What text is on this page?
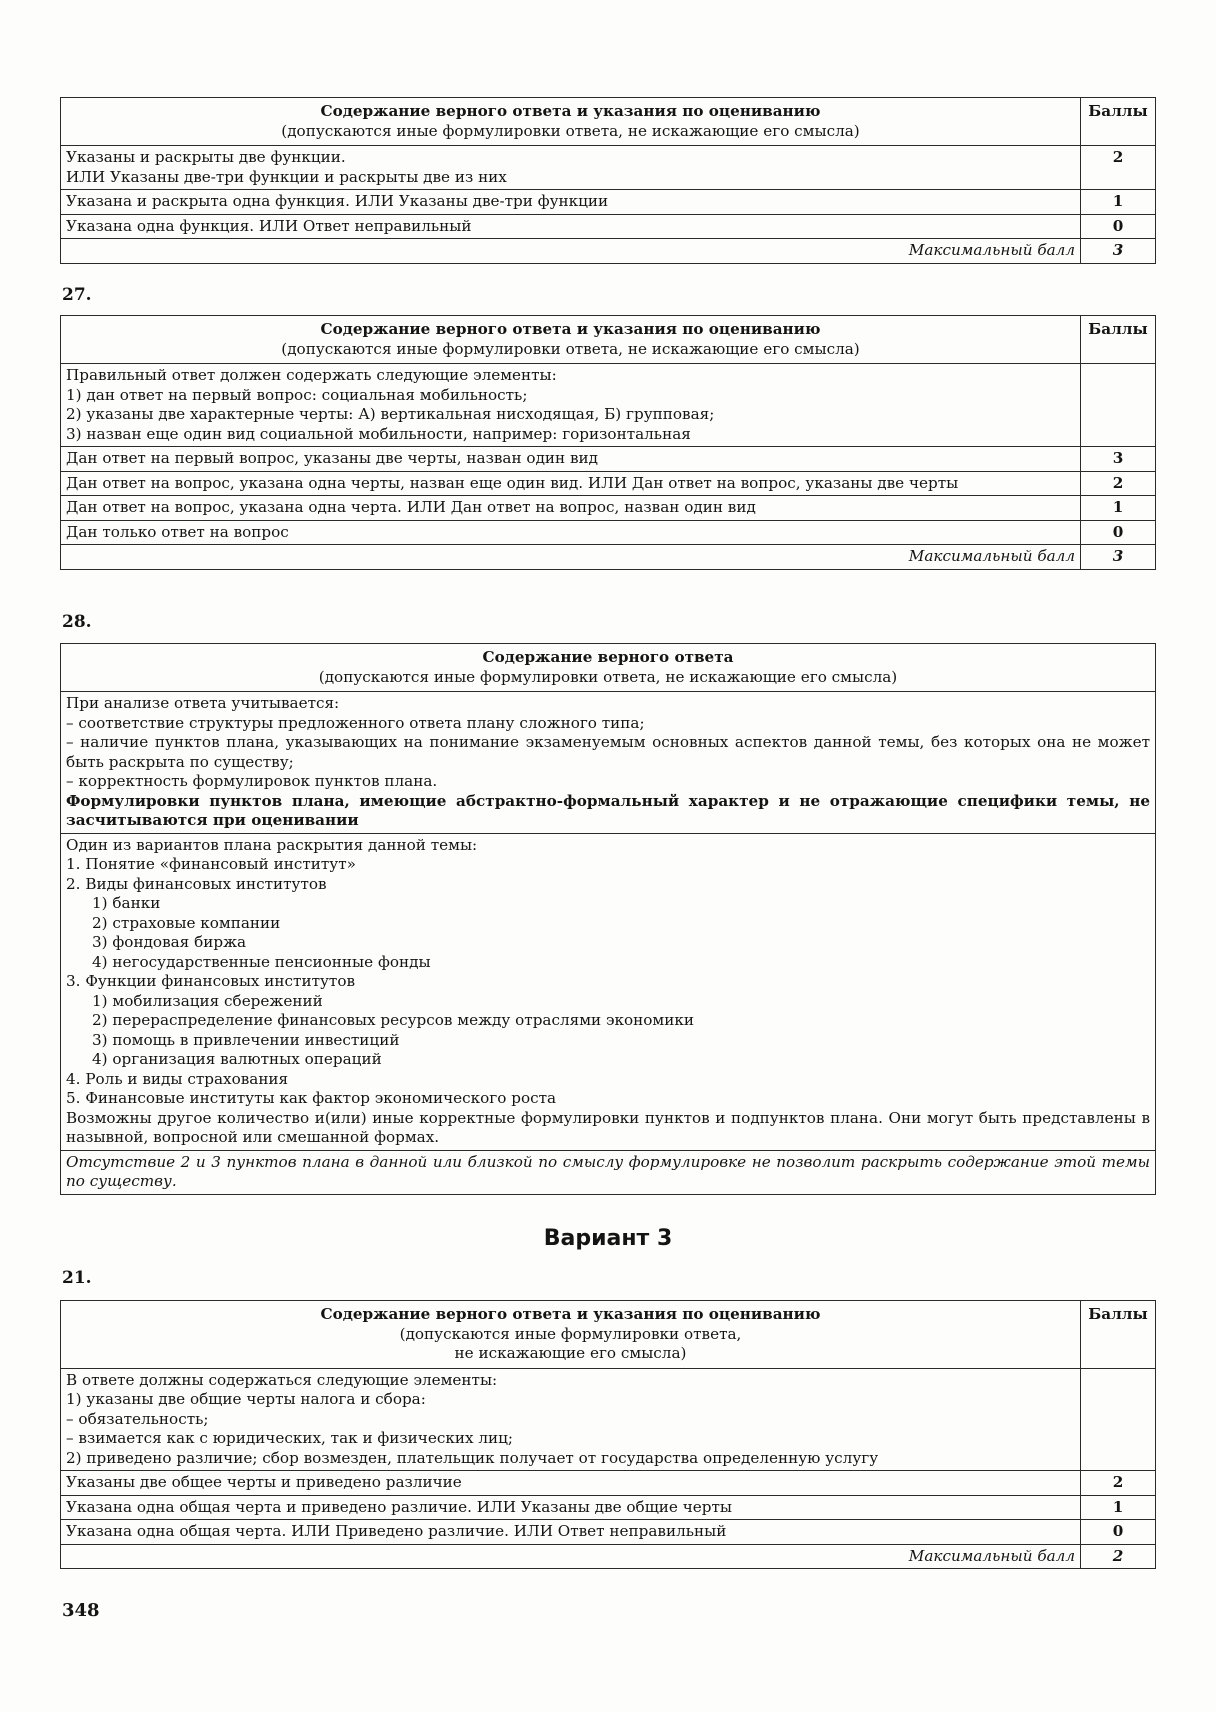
Содержание верного ответа и указания по оцениванию
(допускаются иные формулировки ответа, не искажающие его смысла)	Баллы

Указаны и раскрыты две функции.
ИЛИ Указаны две-три функции и раскрыты две из них	2
Указана и раскрыта одна функция. ИЛИ Указаны две-три функции	1
Указана одна функция. ИЛИ Ответ неправильный	0
Максимальный балл	3
27.
Содержание верного ответа и указания по оцениванию
(допускаются иные формулировки ответа, не искажающие его смысла)	Баллы

Правильный ответ должен содержать следующие элементы:
1) дан ответ на первый вопрос: социальная мобильность;
2) указаны две характерные черты: А) вертикальная нисходящая, Б) групповая;
3) назван еще один вид социальной мобильности, например: горизонтальная	

Дан ответ на первый вопрос, указаны две черты, назван один вид	3
Дан ответ на вопрос, указана одна черты, назван еще один вид. ИЛИ Дан ответ на вопрос, указаны две черты	2
Дан ответ на вопрос, указана одна черта. ИЛИ Дан ответ на вопрос, назван один вид	1
Дан только ответ на вопрос	0
Максимальный балл	3
28.
Содержание верного ответа
(допускаются иные формулировки ответа, не искажающие его смысла)

При анализе ответа учитывается:
– соответствие структуры предложенного ответа плану сложного типа;
– наличие пунктов плана, указывающих на понимание экзаменуемым основных аспектов данной темы, без которых она не может быть раскрыта по существу;
– корректность формулировок пунктов плана.
Формулировки пунктов плана, имеющие абстрактно-формальный характер и не отражающие специфики темы, не засчитываются при оценивании

Один из вариантов плана раскрытия данной темы:
1. Понятие «финансовый институт»
2. Виды финансовых институтов
1) банки
2) страховые компании
3) фондовая биржа
4) негосударственные пенсионные фонды
3. Функции финансовых институтов
1) мобилизация сбережений
2) перераспределение финансовых ресурсов между отраслями экономики
3) помощь в привлечении инвестиций
4) организация валютных операций
4. Роль и виды страхования
5. Финансовые институты как фактор экономического роста
Возможны другое количество и(или) иные корректные формулировки пунктов и подпунктов плана. Они могут быть представлены в назывной, вопросной или смешанной формах.

Отсутствие 2 и 3 пунктов плана в данной или близкой по смыслу формулировке не позволит раскрыть содержание этой темы по существу.
Вариант 3
21.
Содержание верного ответа и указания по оцениванию
(допускаются иные формулировки ответа,
не искажающие его смысла)	Баллы

В ответе должны содержаться следующие элементы:
1) указаны две общие черты налога и сбора:
– обязательность;
– взимается как с юридических, так и физических лиц;
2) приведено различие; сбор возмезден, плательщик получает от государства определенную услугу	

Указаны две общее черты и приведено различие	2
Указана одна общая черта и приведено различие. ИЛИ Указаны две общие черты	1
Указана одна общая черта. ИЛИ Приведено различие. ИЛИ Ответ неправильный	0
Максимальный балл	2
348
